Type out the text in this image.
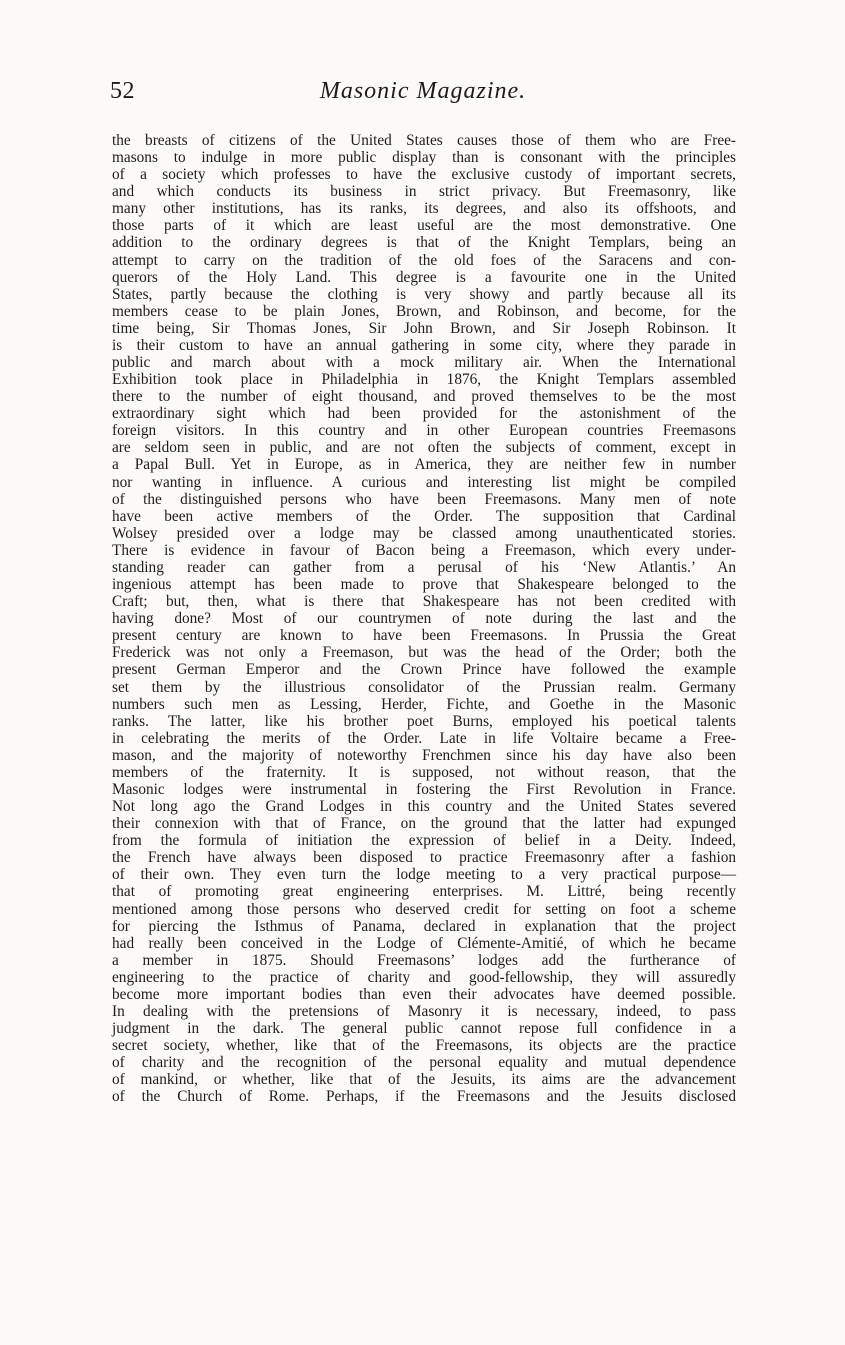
52	Masonic Magazine.
the breasts of citizens of the United States causes those of them who are Free-
masons to indulge in more public display than is consonant with the principles
of a society which professes to have the exclusive custody of important secrets,
and which conducts its business in strict privacy. But Freemasonry, like
many other institutions, has its ranks, its degrees, and also its offshoots, and
those parts of it which are least useful are the most demonstrative. One
addition to the ordinary degrees is that of the Knight Templars, being an
attempt to carry on the tradition of the old foes of the Saracens and con-
querors of the Holy Land. This degree is a favourite one in the United
States, partly because the clothing is very showy and partly because all its
members cease to be plain Jones, Brown, and Robinson, and become, for the
time being, Sir Thomas Jones, Sir John Brown, and Sir Joseph Robinson. It
is their custom to have an annual gathering in some city, where they parade in
public and march about with a mock military air. When the International
Exhibition took place in Philadelphia in 1876, the Knight Templars assembled
there to the number of eight thousand, and proved themselves to be the most
extraordinary sight which had been provided for the astonishment of the
foreign visitors. In this country and in other European countries Freemasons
are seldom seen in public, and are not often the subjects of comment, except in
a Papal Bull. Yet in Europe, as in America, they are neither few in number
nor wanting in influence. A curious and interesting list might be compiled
of the distinguished persons who have been Freemasons. Many men of note
have been active members of the Order. The supposition that Cardinal
Wolsey presided over a lodge may be classed among unauthenticated stories.
There is evidence in favour of Bacon being a Freemason, which every under-
standing reader can gather from a perusal of his ‘New Atlantis.’ An
ingenious attempt has been made to prove that Shakespeare belonged to the
Craft; but, then, what is there that Shakespeare has not been credited with
having done? Most of our countrymen of note during the last and the
present century are known to have been Freemasons. In Prussia the Great
Frederick was not only a Freemason, but was the head of the Order; both the
present German Emperor and the Crown Prince have followed the example
set them by the illustrious consolidator of the Prussian realm. Germany
numbers such men as Lessing, Herder, Fichte, and Goethe in the Masonic
ranks. The latter, like his brother poet Burns, employed his poetical talents
in celebrating the merits of the Order. Late in life Voltaire became a Free-
mason, and the majority of noteworthy Frenchmen since his day have also been
members of the fraternity. It is supposed, not without reason, that the
Masonic lodges were instrumental in fostering the First Revolution in France.
Not long ago the Grand Lodges in this country and the United States severed
their connexion with that of France, on the ground that the latter had expunged
from the formula of initiation the expression of belief in a Deity. Indeed,
the French have always been disposed to practice Freemasonry after a fashion
of their own. They even turn the lodge meeting to a very practical purpose—
that of promoting great engineering enterprises. M. Littré, being recently
mentioned among those persons who deserved credit for setting on foot a scheme
for piercing the Isthmus of Panama, declared in explanation that the project
had really been conceived in the Lodge of Clémente-Amitié, of which he became
a member in 1875. Should Freemasons’ lodges add the furtherance of
engineering to the practice of charity and good-fellowship, they will assuredly
become more important bodies than even their advocates have deemed possible.
In dealing with the pretensions of Masonry it is necessary, indeed, to pass
judgment in the dark. The general public cannot repose full confidence in a
secret society, whether, like that of the Freemasons, its objects are the practice
of charity and the recognition of the personal equality and mutual dependence
of mankind, or whether, like that of the Jesuits, its aims are the advancement
of the Church of Rome. Perhaps, if the Freemasons and the Jesuits disclosed
